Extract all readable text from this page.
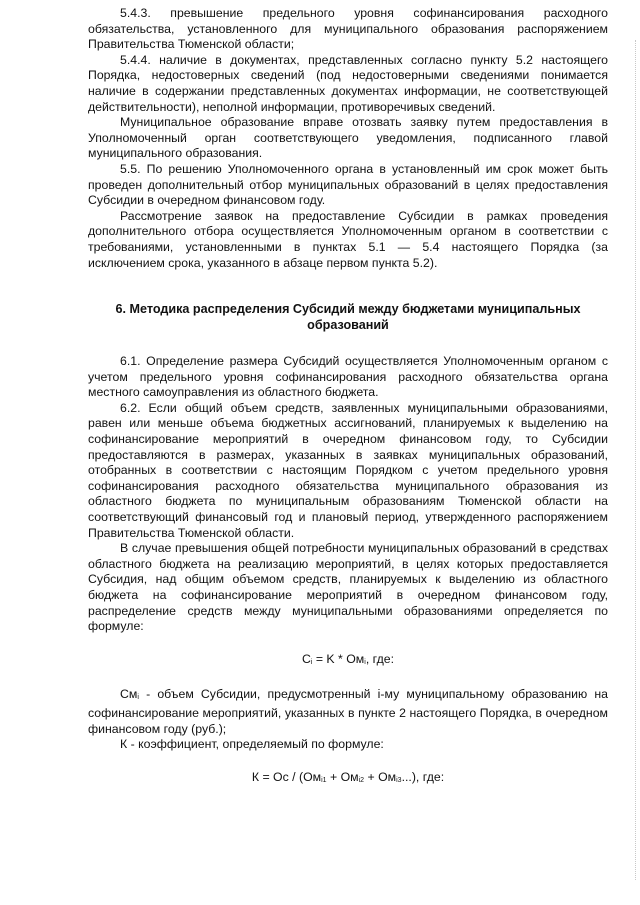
5.4.3. превышение предельного уровня софинансирования расходного обязательства, установленного для муниципального образования распоряжением Правительства Тюменской области;

5.4.4. наличие в документах, представленных согласно пункту 5.2 настоящего Порядка, недостоверных сведений (под недостоверными сведениями понимается наличие в содержании представленных документах информации, не соответствующей действительности), неполной информации, противоречивых сведений.

Муниципальное образование вправе отозвать заявку путем предоставления в Уполномоченный орган соответствующего уведомления, подписанного главой муниципального образования.

5.5. По решению Уполномоченного органа в установленный им срок может быть проведен дополнительный отбор муниципальных образований в целях предоставления Субсидии в очередном финансовом году.

Рассмотрение заявок на предоставление Субсидии в рамках проведения дополнительного отбора осуществляется Уполномоченным органом в соответствии с требованиями, установленными в пунктах 5.1 — 5.4 настоящего Порядка (за исключением срока, указанного в абзаце первом пункта 5.2).

6. Методика распределения Субсидий между бюджетами муниципальных образований

6.1. Определение размера Субсидий осуществляется Уполномоченным органом с учетом предельного уровня софинансирования расходного обязательства органа местного самоуправления из областного бюджета.

6.2. Если общий объем средств, заявленных муниципальными образованиями, равен или меньше объема бюджетных ассигнований, планируемых к выделению на софинансирование мероприятий в очередном финансовом году, то Субсидии предоставляются в размерах, указанных в заявках муниципальных образований, отобранных в соответствии с настоящим Порядком с учетом предельного уровня софинансирования расходного обязательства муниципального образования из областного бюджета по муниципальным образованиям Тюменской области на соответствующий финансовый год и плановый период, утвержденного распоряжением Правительства Тюменской области.

В случае превышения общей потребности муниципальных образований в средствах областного бюджета на реализацию мероприятий, в целях которых предоставляется Субсидия, над общим объемом средств, планируемых к выделению из областного бюджета на софинансирование мероприятий в очередном финансовом году, распределение средств между муниципальными образованиями определяется по формуле:

$C_i = K * Ом_i$, где:

$См_i$ - объем Субсидии, предусмотренный i-му муниципальному образованию на софинансирование мероприятий, указанных в пункте 2 настоящего Порядка, в очередном финансовом году (руб.);

К - коэффициент, определяемый по формуле:

К = Ос / $(Ом_{i1} + Ом_{i2} + Ом_{i3}...)$, где:
